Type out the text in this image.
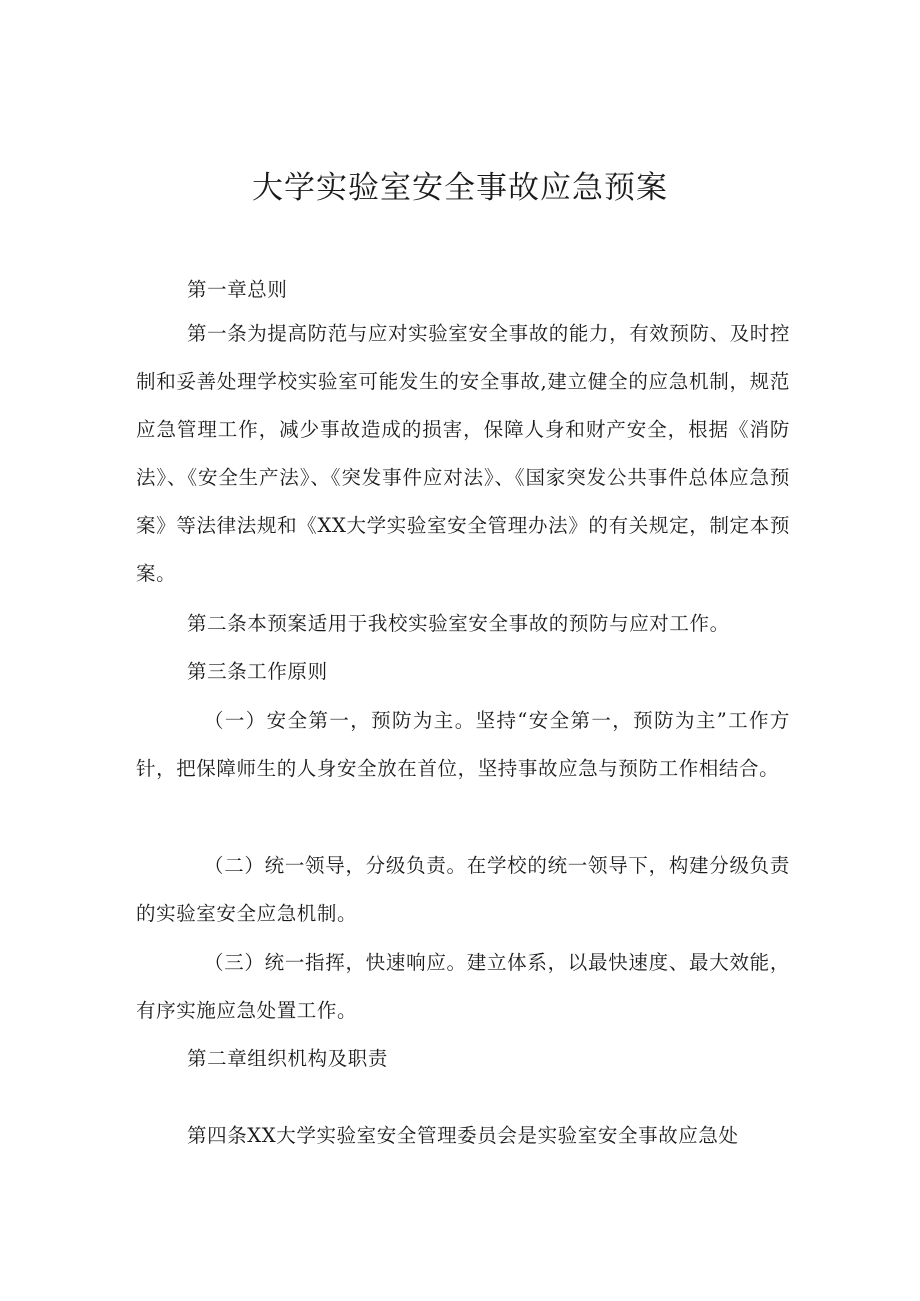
大学实验室安全事故应急预案

第一章总则

第一条为提高防范与应对实验室安全事故的能力，有效预防、及时控制和妥善处理学校实验室可能发生的安全事故,建立健全的应急机制，规范应急管理工作，减少事故造成的损害，保障人身和财产安全，根据《消防法》、《安全生产法》、《突发事件应对法》、《国家突发公共事件总体应急预案》等法律法规和《XX大学实验室安全管理办法》的有关规定，制定本预案。

第二条本预案适用于我校实验室安全事故的预防与应对工作。

第三条工作原则

（一）安全第一，预防为主。坚持“安全第一，预防为主”工作方针，把保障师生的人身安全放在首位，坚持事故应急与预防工作相结合。

（二）统一领导，分级负责。在学校的统一领导下，构建分级负责的实验室安全应急机制。

（三）统一指挥，快速响应。建立体系，以最快速度、最大效能，有序实施应急处置工作。

第二章组织机构及职责

第四条XX大学实验室安全管理委员会是实验室安全事故应急处
